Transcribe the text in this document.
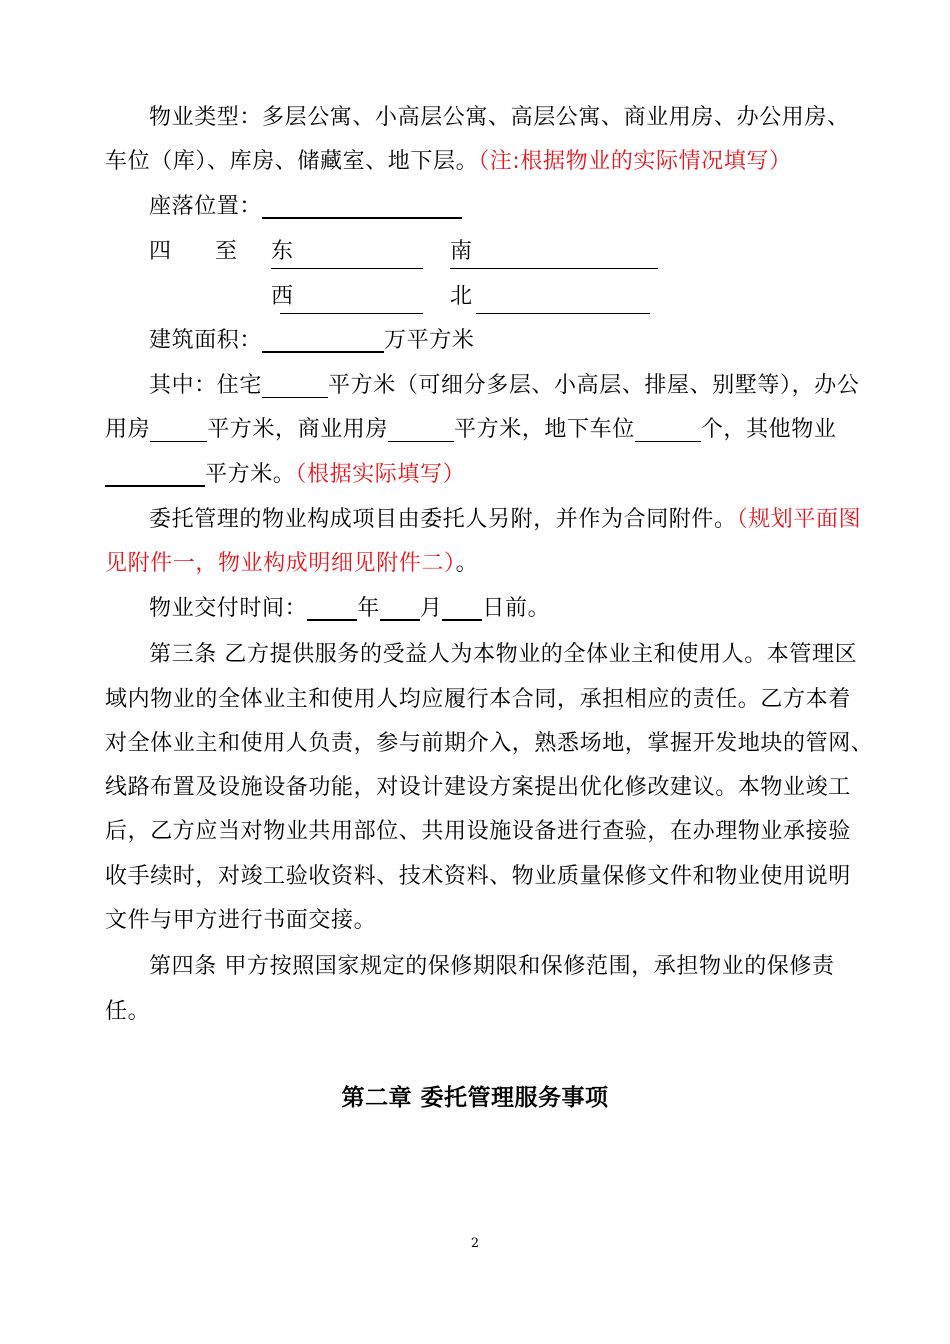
物业类型：多层公寓、小高层公寓、高层公寓、商业用房、办公用房、
车位（库）、库房、储藏室、地下层。（注:根据物业的实际情况填写）
座落位置：
四 至 东	南
西	北
建筑面积：	万平方米
其中：住宅	平方米（可细分多层、小高层、排屋、别墅等），办公
用房	平方米，商业用房	平方米，地下车位	个，其他物业
平方米。（根据实际填写）
委托管理的物业构成项目由委托人另附，并作为合同附件。（规划平面图
见附件一，物业构成明细见附件二）。
物业交付时间： 年 月 日前。
第三条 乙方提供服务的受益人为本物业的全体业主和使用人。本管理区
域内物业的全体业主和使用人均应履行本合同，承担相应的责任。乙方本着
对全体业主和使用人负责，参与前期介入，熟悉场地，掌握开发地块的管网、
线路布置及设施设备功能，对设计建设方案提出优化修改建议。本物业竣工
后，乙方应当对物业共用部位、共用设施设备进行查验，在办理物业承接验
收手续时，对竣工验收资料、技术资料、物业质量保修文件和物业使用说明
文件与甲方进行书面交接。
第四条 甲方按照国家规定的保修期限和保修范围，承担物业的保修责
任。
第二章 委托管理服务事项
2
